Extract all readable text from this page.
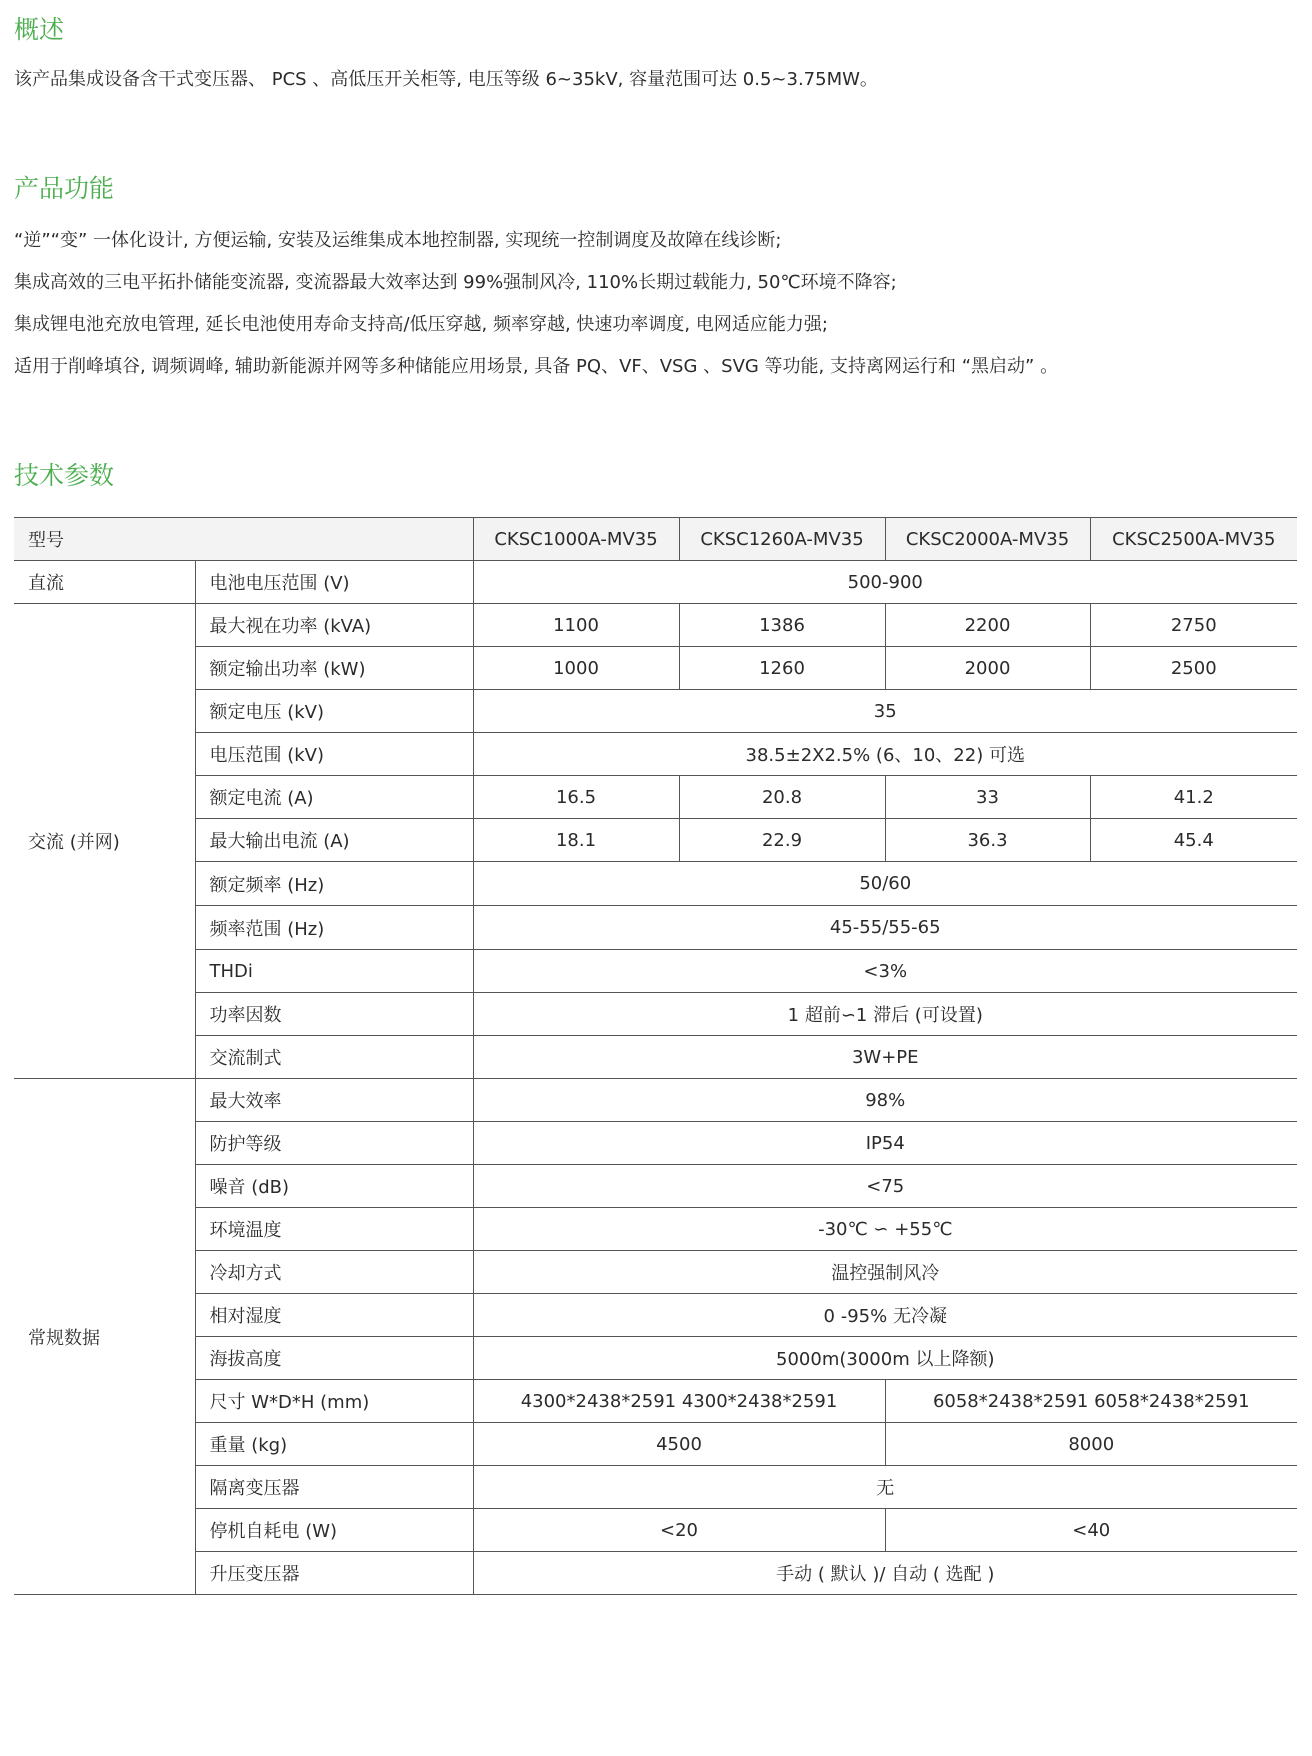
概述

该产品集成设备含干式变压器、 PCS 、高低压开关柜等, 电压等级 6~35kV, 容量范围可达 0.5~3.75MW。

产品功能

“逆”“变” 一体化设计, 方便运输, 安装及运维集成本地控制器, 实现统一控制调度及故障在线诊断;

集成高效的三电平拓扑储能变流器, 变流器最大效率达到 99%强制风冷, 110%长期过载能力, 50℃环境不降容;

集成锂电池充放电管理, 延长电池使用寿命支持高/低压穿越, 频率穿越, 快速功率调度, 电网适应能力强;

适用于削峰填谷, 调频调峰, 辅助新能源并网等多种储能应用场景, 具备 PQ、VF、VSG 、SVG 等功能, 支持离网运行和 “黑启动” 。

技术参数
型号		CKSC1000A-MV35	CKSC1260A-MV35	CKSC2000A-MV35	CKSC2500A-MV35
直流	电池电压范围 (V)	500-900			
交流 (并网)	最大视在功率 (kVA)	1100	1386	2200	2750
	额定输出功率 (kW)	1000	1260	2000	2500
	额定电压 (kV)	35			
	电压范围 (kV)	38.5±2X2.5% (6、10、22) 可选			
	额定电流 (A)	16.5	20.8	33	41.2
	最大输出电流 (A)	18.1	22.9	36.3	45.4
	额定频率 (Hz)	50/60			
	频率范围 (Hz)	45-55/55-65			
	THDi	<3%			
	功率因数	1 超前∽1 滞后 (可设置)			
	交流制式	3W+PE			
常规数据	最大效率	98%			
	防护等级	IP54			
	噪音 (dB)	<75			
	环境温度	-30℃ ∽ +55℃			
	冷却方式	温控强制风冷			
	相对湿度	0 -95% 无冷凝			
	海拔高度	5000m(3000m 以上降额)			
	尺寸 W*D*H (mm)	4300*2438*2591 4300*2438*2591		6058*2438*2591 6058*2438*2591	
	重量 (kg)	4500		8000	
	隔离变压器	无			
	停机自耗电 (W)	<20		<40	
	升压变压器	手动 ( 默认 )/ 自动 ( 选配 )			
